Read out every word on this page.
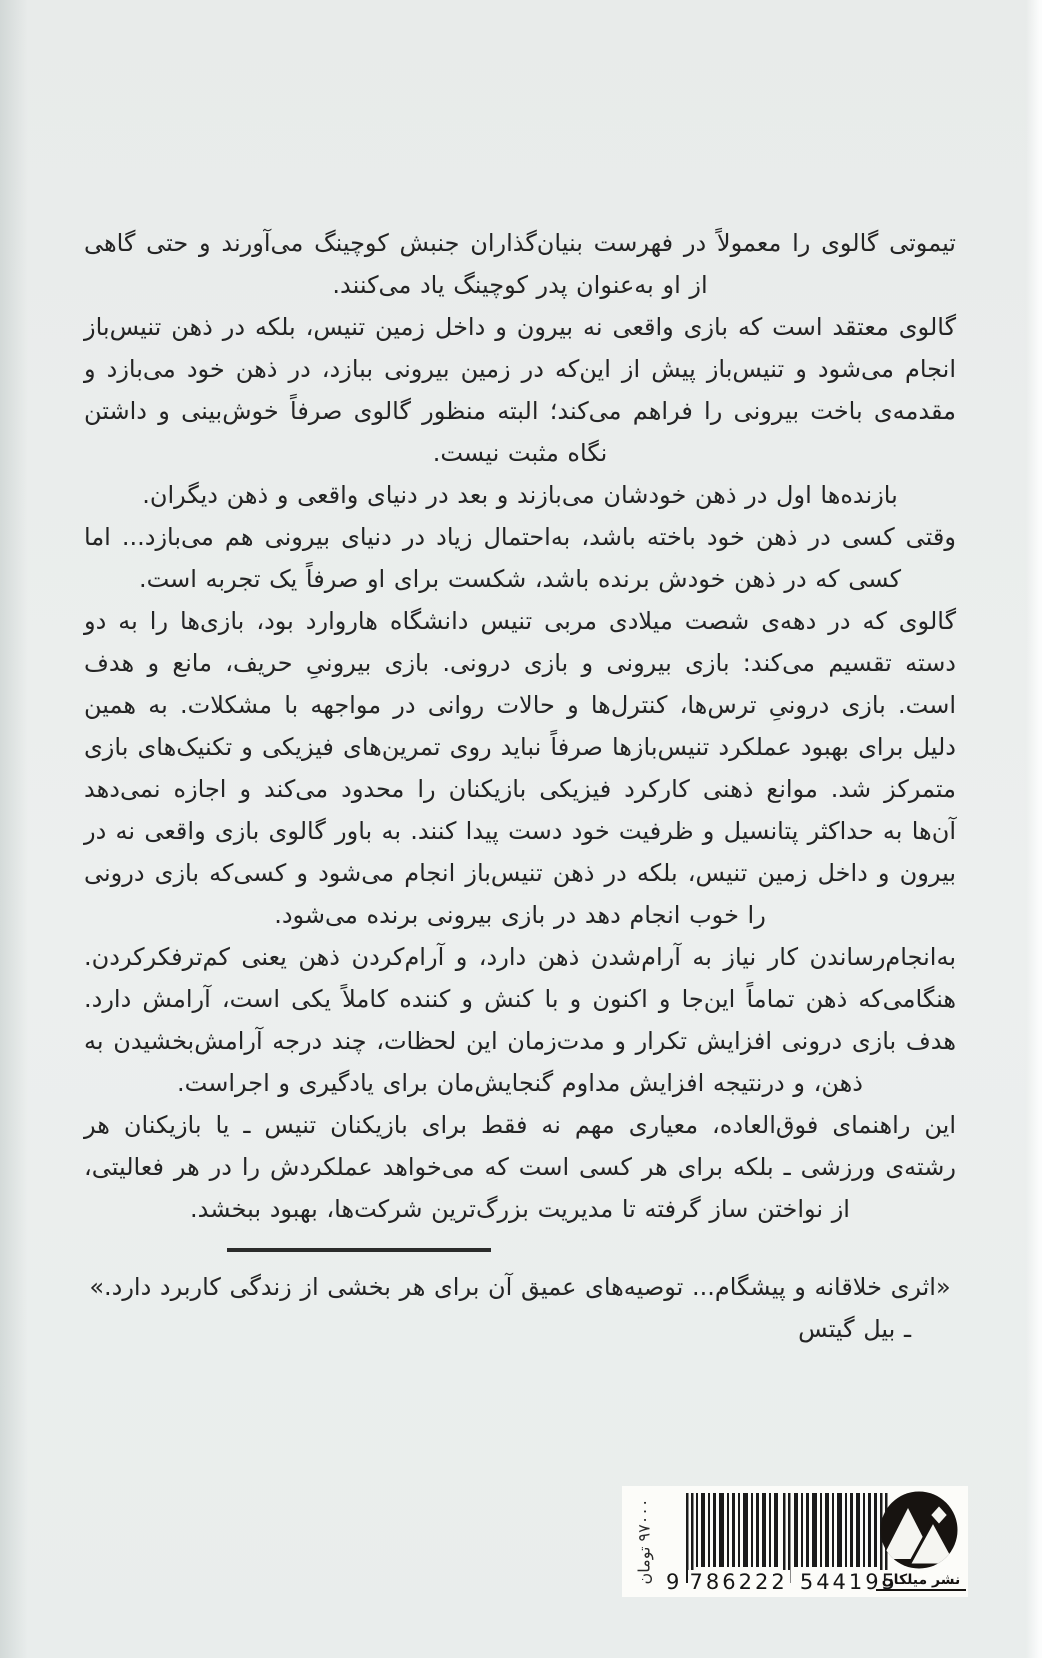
تیموتی گالوی را معمولاً در فهرست بنیان‌گذاران جنبش کوچینگ می‌آورند و حتی گاهی از او به‌عنوان پدر کوچینگ یاد می‌کنند.

گالوی معتقد است که بازی واقعی نه بیرون و داخل زمین تنیس، بلکه در ذهن تنیس‌باز انجام می‌شود و تنیس‌باز پیش از این‌که در زمین بیرونی ببازد، در ذهن خود می‌بازد و مقدمه‌ی باخت بیرونی را فراهم می‌کند؛ البته منظور گالوی صرفاً خوش‌بینی و داشتن نگاه مثبت نیست.

بازنده‌ها اول در ذهن خودشان می‌بازند و بعد در دنیای واقعی و ذهن دیگران.

وقتی کسی در ذهن خود باخته باشد، به‌احتمال زیاد در دنیای بیرونی هم می‌بازد... اما کسی که در ذهن خودش برنده باشد، شکست برای او صرفاً یک تجربه است.

گالوی که در دهه‌ی شصت میلادی مربی تنیس دانشگاه هاروارد بود، بازی‌ها را به دو دسته تقسیم می‌کند: بازی بیرونی و بازی درونی. بازی بیرونیِ حریف، مانع و هدف است. بازی درونیِ ترس‌ها، کنترل‌ها و حالات روانی در مواجهه با مشکلات. به همین دلیل برای بهبود عملکرد تنیس‌بازها صرفاً نباید روی تمرین‌های فیزیکی و تکنیک‌های بازی متمرکز شد. موانع ذهنی کارکرد فیزیکی بازیکنان را محدود می‌کند و اجازه نمی‌دهد آن‌ها به حداکثر پتانسیل و ظرفیت خود دست پیدا کنند. به باور گالوی بازی واقعی نه در بیرون و داخل زمین تنیس، بلکه در ذهن تنیس‌باز انجام می‌شود و کسی‌که بازی درونی را خوب انجام دهد در بازی بیرونی برنده می‌شود.

به‌انجام‌رساندن کار نیاز به آرام‌شدن ذهن دارد، و آرام‌کردن ذهن یعنی کم‌ترفکرکردن. هنگامی‌که ذهن تماماً این‌جا و اکنون و با کنش و کننده کاملاً یکی است، آرامش دارد. هدف بازی درونی افزایش تکرار و مدت‌زمان این لحظات، چند درجه آرامش‌بخشیدن به ذهن، و درنتیجه افزایش مداوم گنجایش‌مان برای یادگیری و اجراست.

این راهنمای فوق‌العاده، معیاری مهم نه فقط برای بازیکنان تنیس ـ یا بازیکنان هر رشته‌ی ورزشی ـ بلکه برای هر کسی است که می‌خواهد عملکردش را در هر فعالیتی، از نواختن ساز گرفته تا مدیریت بزرگ‌ترین شرکت‌ها، بهبود ببخشد.

«اثری خلاقانه و پیشگام... توصیه‌های عمیق آن برای هر بخشی از زندگی کاربرد دارد.»

ـ بیل گیتس

۹۷۰۰۰ تومان
9 786222 544195
نشر میلکان
